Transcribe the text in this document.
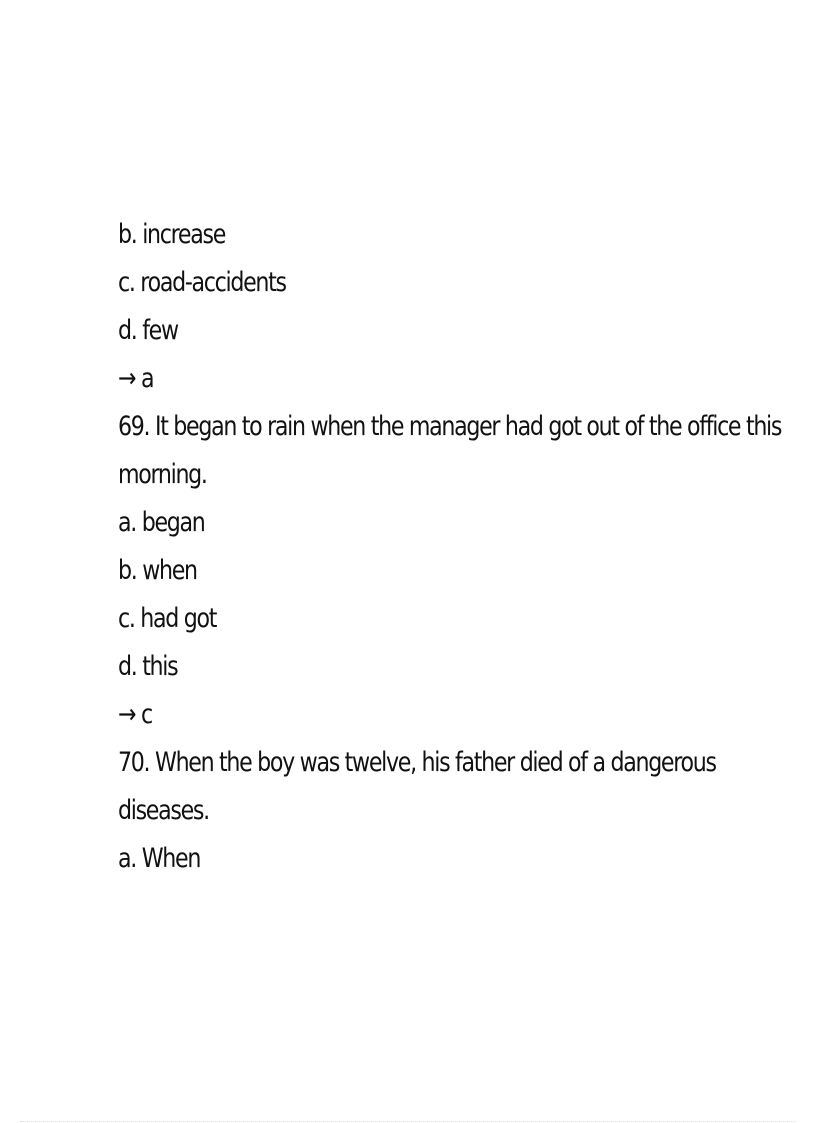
b. increase
c. road-accidents
d. few
→ a
69. It began to rain when the manager had got out of the office this
morning.
a. began
b. when
c. had got
d. this
→ c
70. When the boy was twelve, his father died of a dangerous
diseases.
a. When
